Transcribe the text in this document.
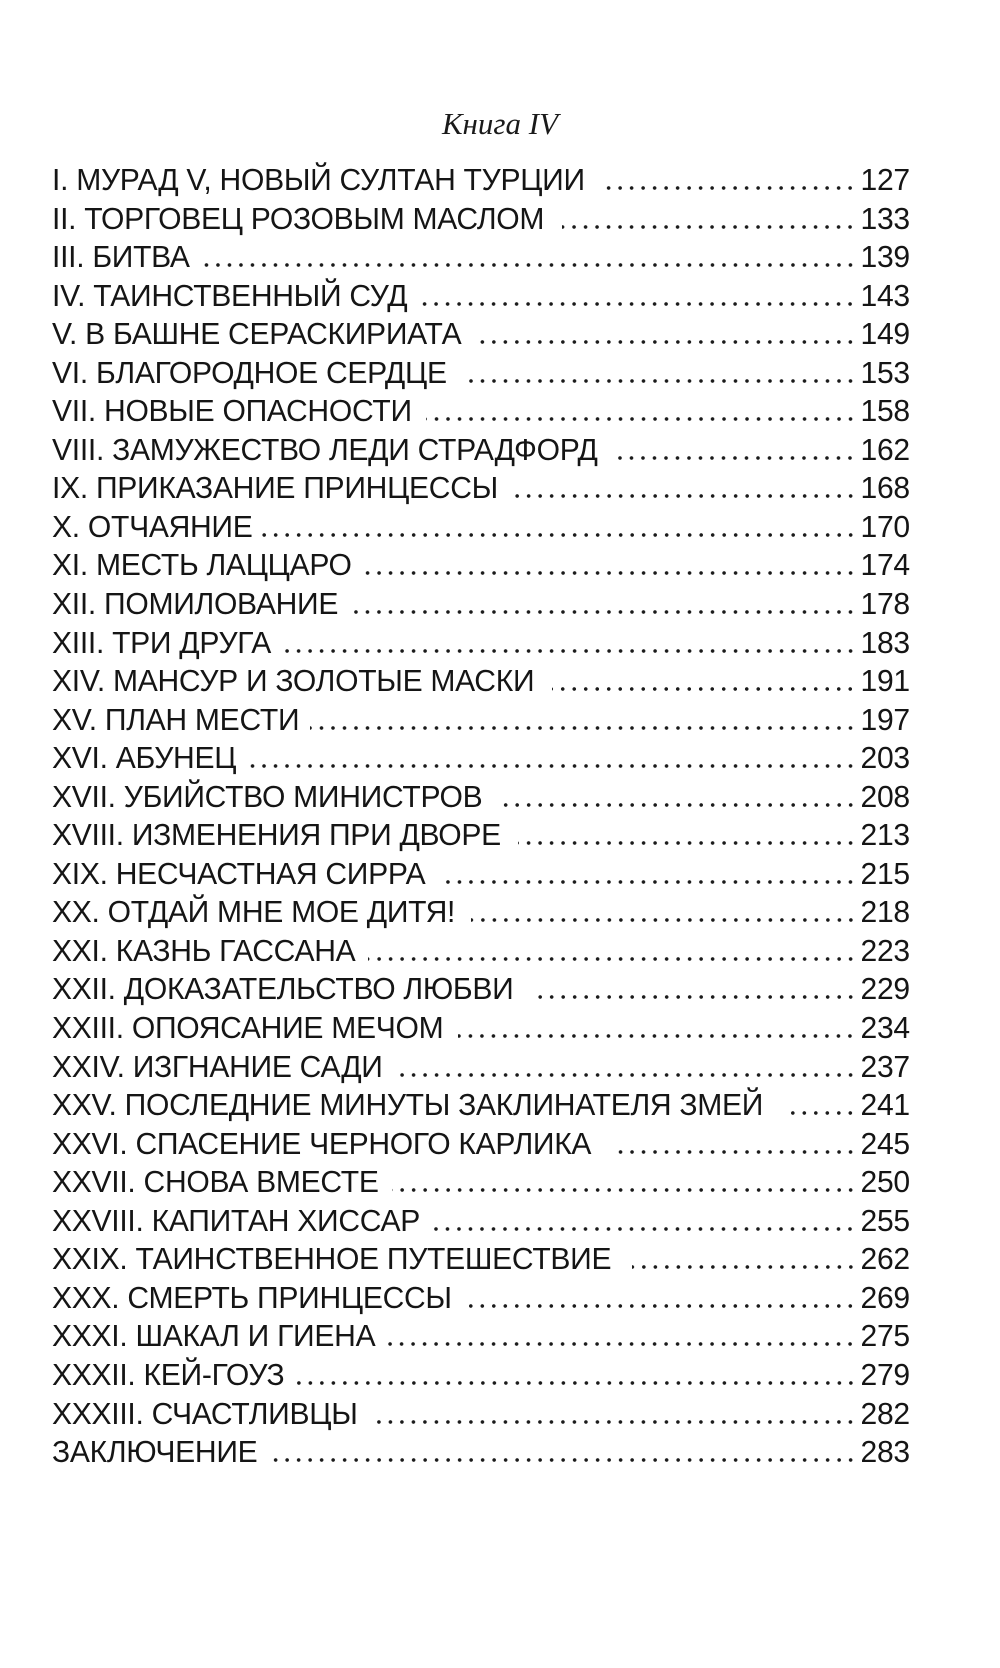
Книга IV
I. МУРАД V, НОВЫЙ СУЛТАН ТУРЦИИ	127
II. ТОРГОВЕЦ РОЗОВЫМ МАСЛОМ	133
III. БИТВА	139
IV. ТАИНСТВЕННЫЙ СУД	143
V. В БАШНЕ СЕРАСКИРИАТА	149
VI. БЛАГОРОДНОЕ СЕРДЦЕ	153
VII. НОВЫЕ ОПАСНОСТИ	158
VIII. ЗАМУЖЕСТВО ЛЕДИ СТРАДФОРД	162
IX. ПРИКАЗАНИЕ ПРИНЦЕССЫ	168
X. ОТЧАЯНИЕ	170
XI. МЕСТЬ ЛАЦЦАРО	174
XII. ПОМИЛОВАНИЕ	178
XIII. ТРИ ДРУГА	183
XIV. МАНСУР И ЗОЛОТЫЕ МАСКИ	191
XV. ПЛАН МЕСТИ	197
XVI. АБУНЕЦ	203
XVII. УБИЙСТВО МИНИСТРОВ	208
XVIII. ИЗМЕНЕНИЯ ПРИ ДВОРЕ	213
XIX. НЕСЧАСТНАЯ СИРРА	215
XX. ОТДАЙ МНЕ МОЕ ДИТЯ!	218
XXI. КАЗНЬ ГАССАНА	223
XXII. ДОКАЗАТЕЛЬСТВО ЛЮБВИ	229
XXIII. ОПОЯСАНИЕ МЕЧОМ	234
XXIV. ИЗГНАНИЕ САДИ	237
XXV. ПОСЛЕДНИЕ МИНУТЫ ЗАКЛИНАТЕЛЯ ЗМЕЙ	241
XXVI. СПАСЕНИЕ ЧЕРНОГО КАРЛИКА	245
XXVII. СНОВА ВМЕСТЕ	250
XXVIII. КАПИТАН ХИССАР	255
XXIX. ТАИНСТВЕННОЕ ПУТЕШЕСТВИЕ	262
XXX. СМЕРТЬ ПРИНЦЕССЫ	269
XXXI. ШАКАЛ И ГИЕНА	275
XXXII. КЕЙ-ГОУЗ	279
XXXIII. СЧАСТЛИВЦЫ	282
ЗАКЛЮЧЕНИЕ	283
